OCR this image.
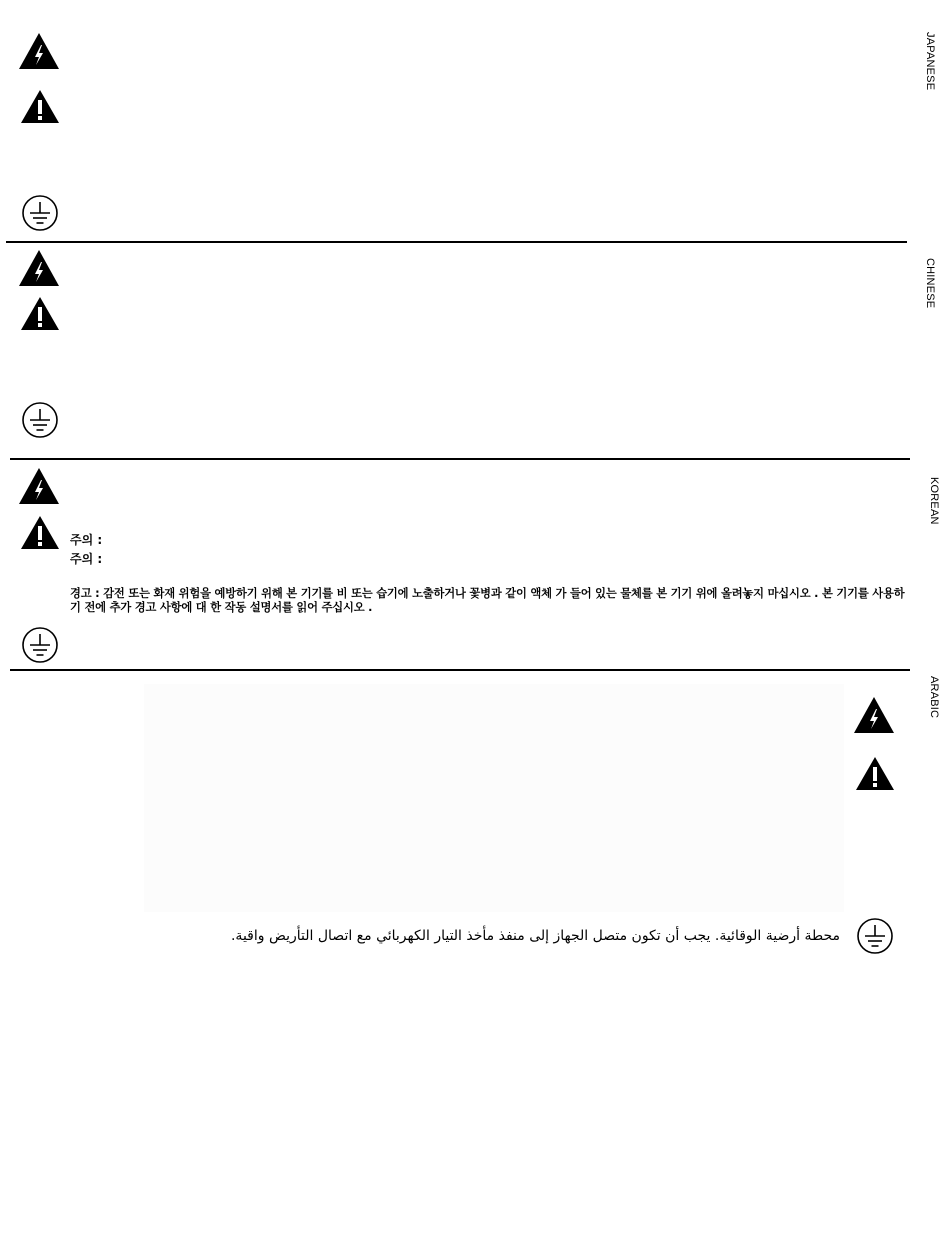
JAPANESE
CHINESE
주의 :
주의 :
경고 : 감전 또는 화재 위험을 예방하기 위해 본 기기를 비 또는 습기에 노출하거나 꽃병과 같이 액체 가 들어 있는 물체를 본 기기 위에 올려놓지 마십시오 . 본 기기를 사용하기 전에 추가 경고 사항에 대 한 작동 설명서를 읽어 주십시오 .
KOREAN
محطة أرضية الوقائية. يجب أن تكون متصل الجهاز إلى منفذ مأخذ التيار الكهربائي مع اتصال التأريض واقية.
ARABIC
